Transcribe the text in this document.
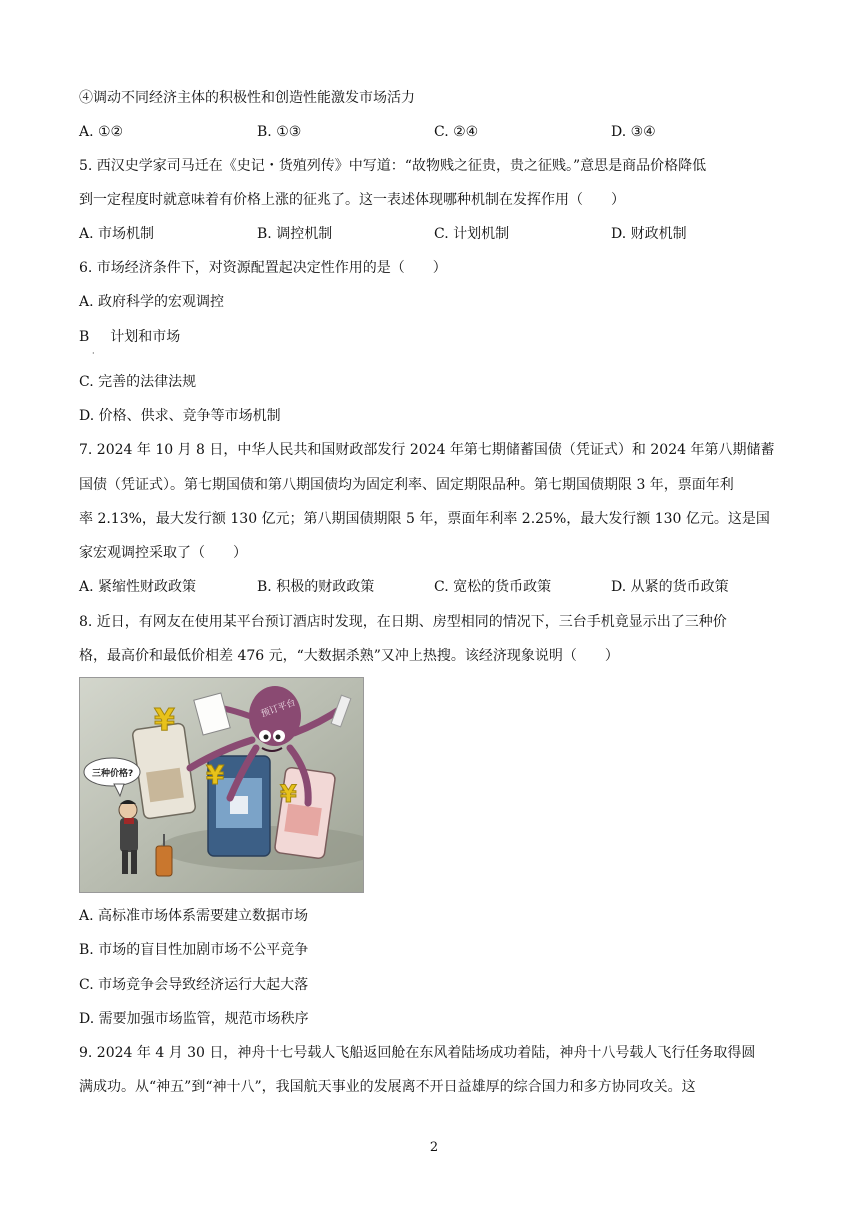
④调动不同经济主体的积极性和创造性能激发市场活力
A. ①②	B. ①③	C. ②④	D. ③④
5. 西汉史学家司马迁在《史记・货殖列传》中写道：“故物贱之征贵，贵之征贱。”意思是商品价格降低
到一定程度时就意味着有价格上涨的征兆了。这一表述体现哪种机制在发挥作用（　　）
A. 市场机制	B. 调控机制	C. 计划机制	D. 财政机制
6. 市场经济条件下，对资源配置起决定性作用的是（　　）
A. 政府科学的宏观调控
B 计划和市场
·
C. 完善的法律法规
D. 价格、供求、竞争等市场机制
7. 2024 年 10 月 8 日，中华人民共和国财政部发行 2024 年第七期储蓄国债（凭证式）和 2024 年第八期储蓄
国债（凭证式）。第七期国债和第八期国债均为固定利率、固定期限品种。第七期国债期限 3 年，票面年利
率 2.13%，最大发行额 130 亿元；第八期国债期限 5 年，票面年利率 2.25%，最大发行额 130 亿元。这是国
家宏观调控采取了（　　）
A. 紧缩性财政政策	B. 积极的财政政策	C. 宽松的货币政策	D. 从紧的货币政策
8. 近日，有网友在使用某平台预订酒店时发现，在日期、房型相同的情况下，三台手机竟显示出了三种价
格，最高价和最低价相差 476 元，“大数据杀熟”又冲上热搜。该经济现象说明（　　）
预订平台
¥
¥
¥
三种价格?
A. 高标准市场体系需要建立数据市场
B. 市场的盲目性加剧市场不公平竞争
C. 市场竞争会导致经济运行大起大落
D. 需要加强市场监管，规范市场秩序
9. 2024 年 4 月 30 日，神舟十七号载人飞船返回舱在东风着陆场成功着陆，神舟十八号载人飞行任务取得圆
满成功。从“神五”到“神十八”，我国航天事业的发展离不开日益雄厚的综合国力和多方协同攻关。这
2
